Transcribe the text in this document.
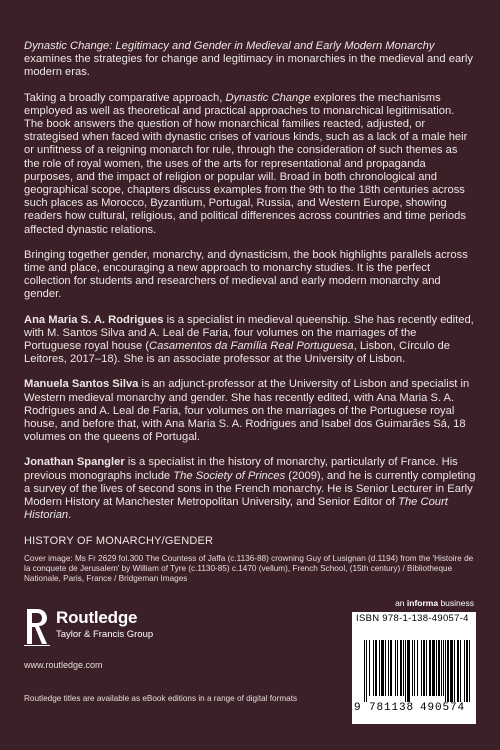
Dynastic Change: Legitimacy and Gender in Medieval and Early Modern Monarchy examines the strategies for change and legitimacy in monarchies in the medieval and early modern eras.

Taking a broadly comparative approach, Dynastic Change explores the mechanisms employed as well as theoretical and practical approaches to monarchical legitimisation. The book answers the question of how monarchical families reacted, adjusted, or strategised when faced with dynastic crises of various kinds, such as a lack of a male heir or unfitness of a reigning monarch for rule, through the consideration of such themes as the role of royal women, the uses of the arts for representational and propaganda purposes, and the impact of religion or popular will. Broad in both chronological and geographical scope, chapters discuss examples from the 9th to the 18th centuries across such places as Morocco, Byzantium, Portugal, Russia, and Western Europe, showing readers how cultural, religious, and political differences across countries and time periods affected dynastic relations.

Bringing together gender, monarchy, and dynasticism, the book highlights parallels across time and place, encouraging a new approach to monarchy studies. It is the perfect collection for students and researchers of medieval and early modern monarchy and gender.

Ana Maria S. A. Rodrigues is a specialist in medieval queenship. She has recently edited, with M. Santos Silva and A. Leal de Faria, four volumes on the marriages of the Portuguese royal house (Casamentos da Família Real Portuguesa, Lisbon, Círculo de Leitores, 2017–18). She is an associate professor at the University of Lisbon.

Manuela Santos Silva is an adjunct-professor at the University of Lisbon and specialist in Western medieval monarchy and gender. She has recently edited, with Ana Maria S. A. Rodrigues and A. Leal de Faria, four volumes on the marriages of the Portuguese royal house, and before that, with Ana Maria S. A. Rodrigues and Isabel dos Guimarães Sá, 18 volumes on the queens of Portugal.

Jonathan Spangler is a specialist in the history of monarchy, particularly of France. His previous monographs include The Society of Princes (2009), and he is currently completing a survey of the lives of second sons in the French monarchy. He is Senior Lecturer in Early Modern History at Manchester Metropolitan University, and Senior Editor of The Court Historian.

HISTORY OF MONARCHY/GENDER
Cover image: Ms Fr 2629 fol.300 The Countess of Jaffa (c.1136-88) crowning Guy of Lusignan (d.1194) from the 'Histoire de la conquete de Jerusalem' by William of Tyre (c.1130-85) c.1470 (vellum), French School, (15th century) / Bibliotheque Nationale, Paris, France / Bridgeman Images
Routledge
Taylor & Francis Group
www.routledge.com
Routledge titles are available as eBook editions in a range of digital formats
an informa business
ISBN 978-1-138-49057-4
9 781138 490574
